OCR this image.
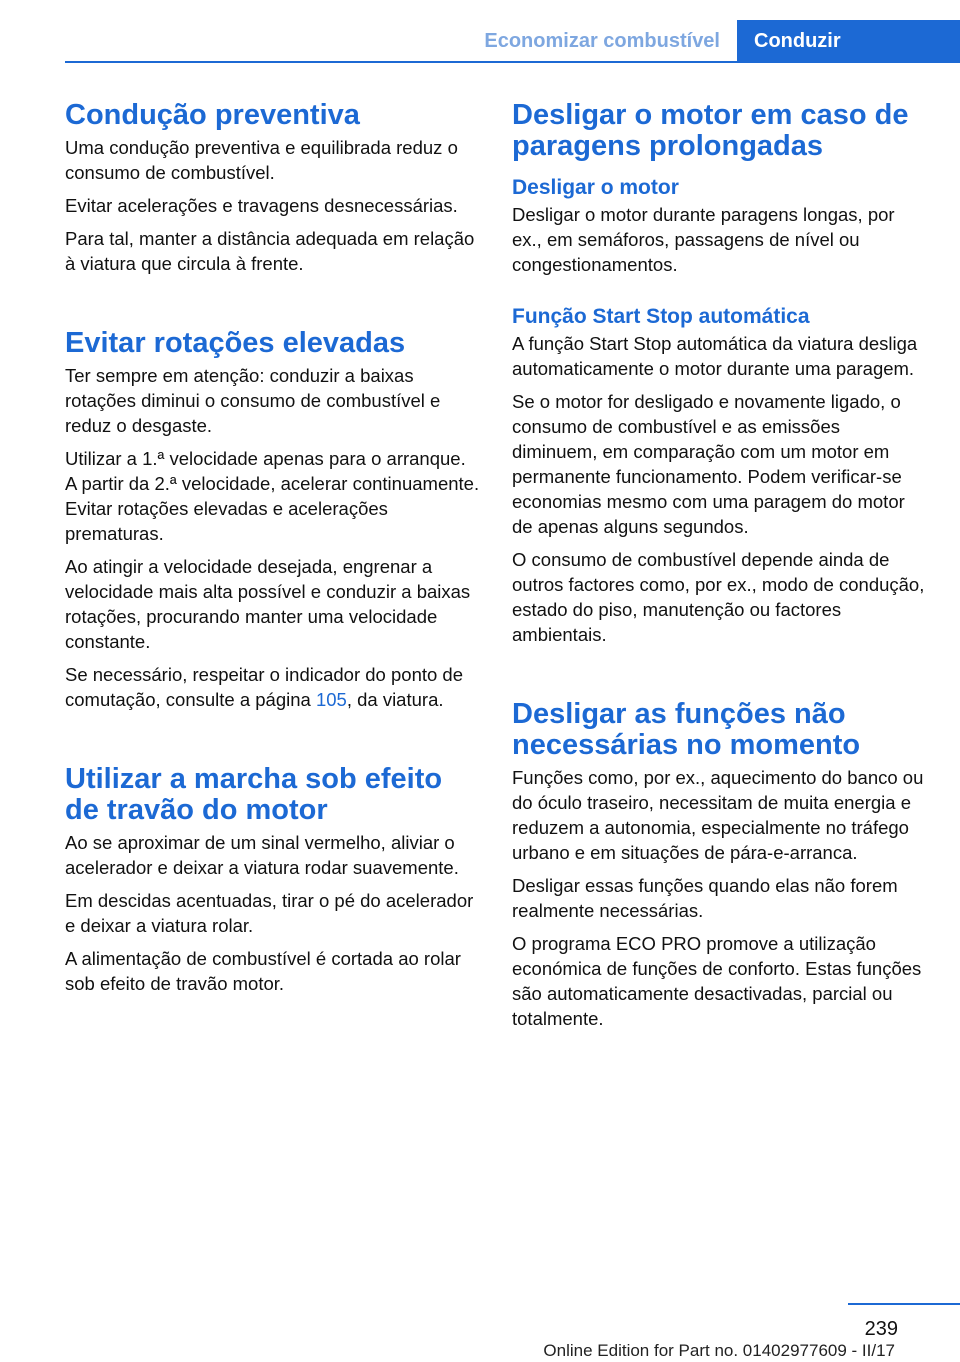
Economizar combustível Conduzir
Condução preventiva

Uma condução preventiva e equilibrada reduz o consumo de combustível.

Evitar acelerações e travagens desnecessárias.

Para tal, manter a distância adequada em relação à viatura que circula à frente.

Evitar rotações elevadas

Ter sempre em atenção: conduzir a baixas rotações diminui o consumo de combustível e reduz o desgaste.

Utilizar a 1.ª velocidade apenas para o arranque. A partir da 2.ª velocidade, acelerar continuamente. Evitar rotações elevadas e acelerações prematuras.

Ao atingir a velocidade desejada, engrenar a velocidade mais alta possível e conduzir a baixas rotações, procurando manter uma velocidade constante.

Se necessário, respeitar o indicador do ponto de comutação, consulte a página 105, da viatura.

Utilizar a marcha sob efeito de travão do motor

Ao se aproximar de um sinal vermelho, aliviar o acelerador e deixar a viatura rodar suavemente.

Em descidas acentuadas, tirar o pé do acelerador e deixar a viatura rolar.

A alimentação de combustível é cortada ao rolar sob efeito de travão motor.

Desligar o motor em caso de paragens prolongadas
Desligar o motor

Desligar o motor durante paragens longas, por ex., em semáforos, passagens de nível ou congestionamentos.

Função Start Stop automática

A função Start Stop automática da viatura desliga automaticamente o motor durante uma paragem.

Se o motor for desligado e novamente ligado, o consumo de combustível e as emissões diminuem, em comparação com um motor em permanente funcionamento. Podem verificar-se economias mesmo com uma paragem do motor de apenas alguns segundos.

O consumo de combustível depende ainda de outros factores como, por ex., modo de condução, estado do piso, manutenção ou factores ambientais.

Desligar as funções não necessárias no momento

Funções como, por ex., aquecimento do banco ou do óculo traseiro, necessitam de muita energia e reduzem a autonomia, especialmente no tráfego urbano e em situações de pára-e-arranca.

Desligar essas funções quando elas não forem realmente necessárias.

O programa ECO PRO promove a utilização económica de funções de conforto. Estas funções são automaticamente desactivadas, parcial ou totalmente.

239
Online Edition for Part no. 01402977609 - II/17
